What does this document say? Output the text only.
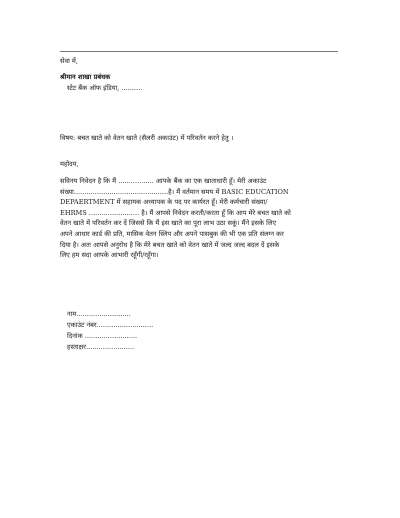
सेवा में,
श्रीमान शाखा प्रबंधक
स्टेट बैंक ऑफ इंडिया, ..........
विषय: बचत खाते को वेतन खाते (सैलरी अकाउंट) में परिवर्तन करने हेतु ।
महोदय,
सविनय निवेदन है कि मैं ................. आपके बैंक का एक खाताधारी हूँ। मेरी अकाउंट
संख्या.............................................है। मैं वर्तमान समय में BASIC EDUCATION
DEPAERTMENT में सहायक अध्यापक के पद पर कार्यरत हूँ। मेरी कर्मचारी संख्या/
EHRMS ........................ है। मैं आपसे निवेदन करती/करता हूँ कि आप मेरे बचत खाते को
वेतन खाते में परिवर्तन कर दें जिससे कि मैं इस खाते का पूरा लाभ उठा सकूं। मैंने इसके लिए
अपने आधार कार्ड की प्रति, मासिक वेतन स्लिप और अपने पासबुक की भी एक प्रति संलग्न कर
दिया है। अतः आपसे अनुरोध है कि मेरे बचत खाते को वेतन खाते में जल्द जल्द बदल दें इसके
लिए हम सदा आपके आभारी रहूँगी/रहूँगा।
नाम..........................
एकाउंट नंबर...........................
दिनांक .........................
हस्ताक्षर.......................
